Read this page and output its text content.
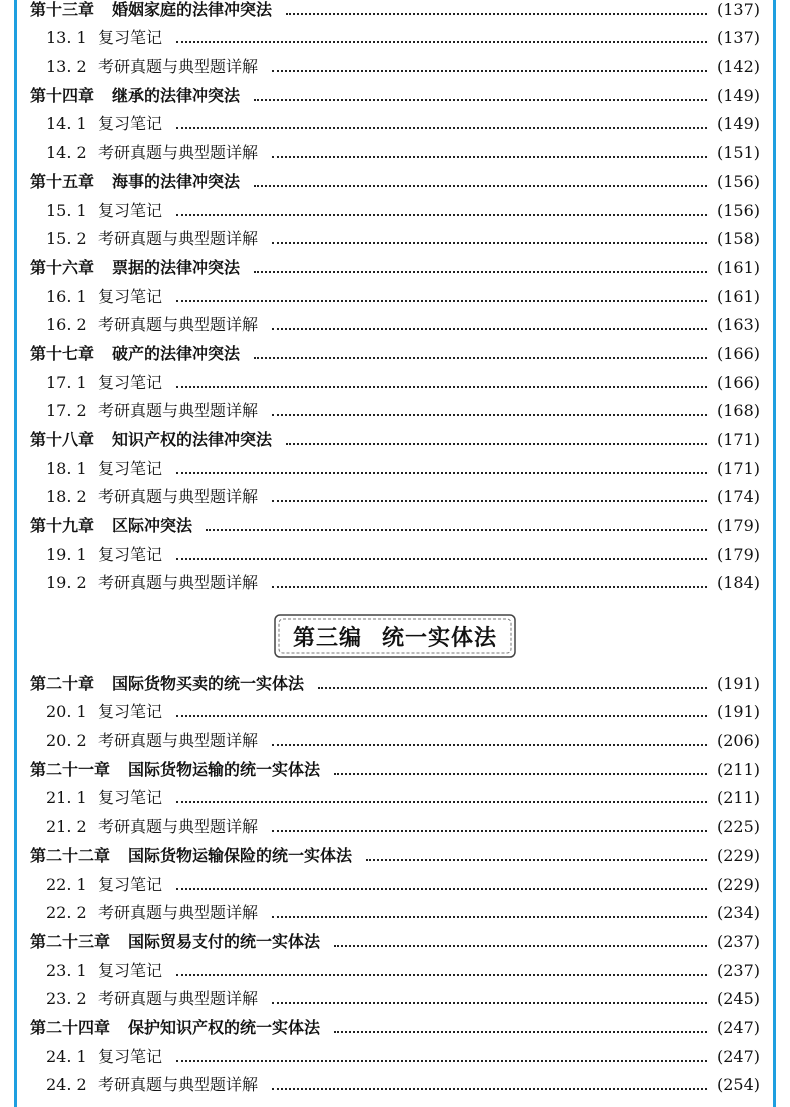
第十三章 婚姻家庭的法律冲突法	(137)
13. 1 复习笔记	(137)
13. 2 考研真题与典型题详解	(142)
第十四章 继承的法律冲突法	(149)
14. 1 复习笔记	(149)
14. 2 考研真题与典型题详解	(151)
第十五章 海事的法律冲突法	(156)
15. 1 复习笔记	(156)
15. 2 考研真题与典型题详解	(158)
第十六章 票据的法律冲突法	(161)
16. 1 复习笔记	(161)
16. 2 考研真题与典型题详解	(163)
第十七章 破产的法律冲突法	(166)
17. 1 复习笔记	(166)
17. 2 考研真题与典型题详解	(168)
第十八章 知识产权的法律冲突法	(171)
18. 1 复习笔记	(171)
18. 2 考研真题与典型题详解	(174)
第十九章 区际冲突法	(179)
19. 1 复习笔记	(179)
19. 2 考研真题与典型题详解	(184)
第三编 统一实体法
第二十章 国际货物买卖的统一实体法	(191)
20. 1 复习笔记	(191)
20. 2 考研真题与典型题详解	(206)
第二十一章 国际货物运输的统一实体法	(211)
21. 1 复习笔记	(211)
21. 2 考研真题与典型题详解	(225)
第二十二章 国际货物运输保险的统一实体法	(229)
22. 1 复习笔记	(229)
22. 2 考研真题与典型题详解	(234)
第二十三章 国际贸易支付的统一实体法	(237)
23. 1 复习笔记	(237)
23. 2 考研真题与典型题详解	(245)
第二十四章 保护知识产权的统一实体法	(247)
24. 1 复习笔记	(247)
24. 2 考研真题与典型题详解	(254)
